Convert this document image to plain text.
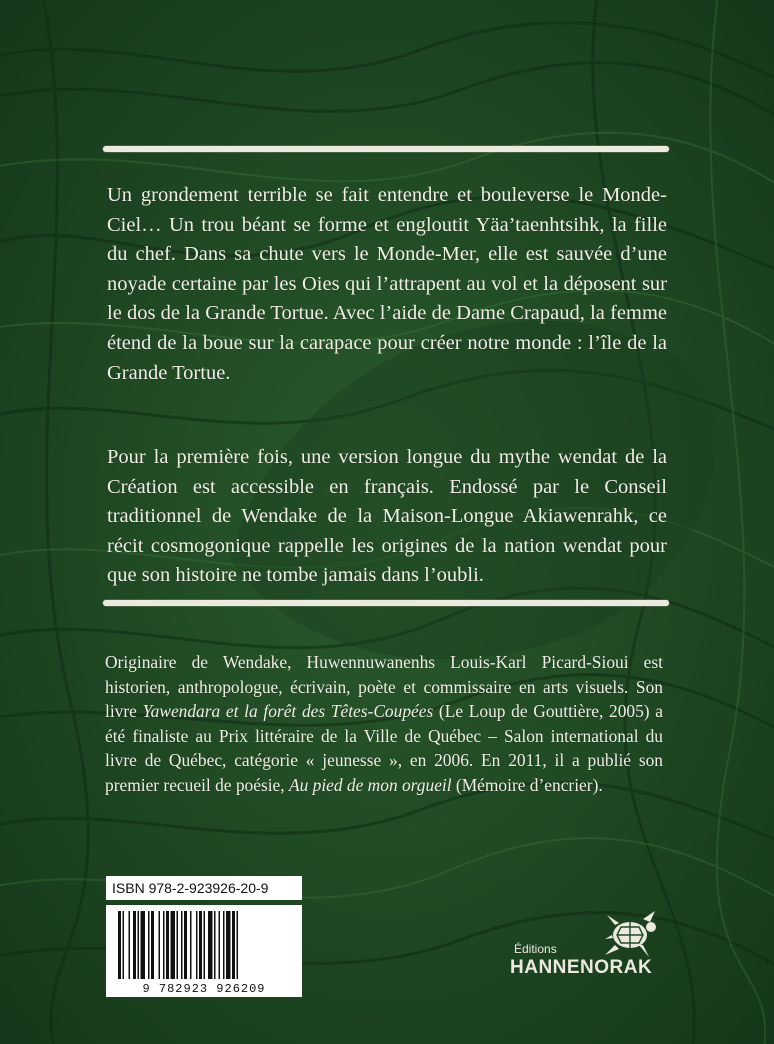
Un grondement terrible se fait entendre et bouleverse le Monde-Ciel… Un trou béant se forme et engloutit Yäa’taenhtsihk, la fille du chef. Dans sa chute vers le Monde-Mer, elle est sauvée d’une noyade certaine par les Oies qui l’attrapent au vol et la déposent sur le dos de la Grande Tortue. Avec l’aide de Dame Crapaud, la femme étend de la boue sur la carapace pour créer notre monde : l’île de la Grande Tortue.

Pour la première fois, une version longue du mythe wendat de la Création est accessible en français. Endossé par le Conseil traditionnel de Wendake de la Maison-Longue Akiawenrahk, ce récit cosmogonique rappelle les origines de la nation wendat pour que son histoire ne tombe jamais dans l’oubli.

Originaire de Wendake, Huwennuwanenhs Louis-Karl Picard-Sioui est historien, anthropologue, écrivain, poète et commissaire en arts visuels. Son livre Yawendara et la forêt des Têtes-Coupées (Le Loup de Gouttière, 2005) a été finaliste au Prix littéraire de la Ville de Québec – Salon international du livre de Québec, catégorie « jeunesse », en 2006. En 2011, il a publié son premier recueil de poésie, Au pied de mon orgueil (Mémoire d’encrier).

ISBN 978-2-923926-20-9
9 782923 926209
Éditions
HANNENORAK
